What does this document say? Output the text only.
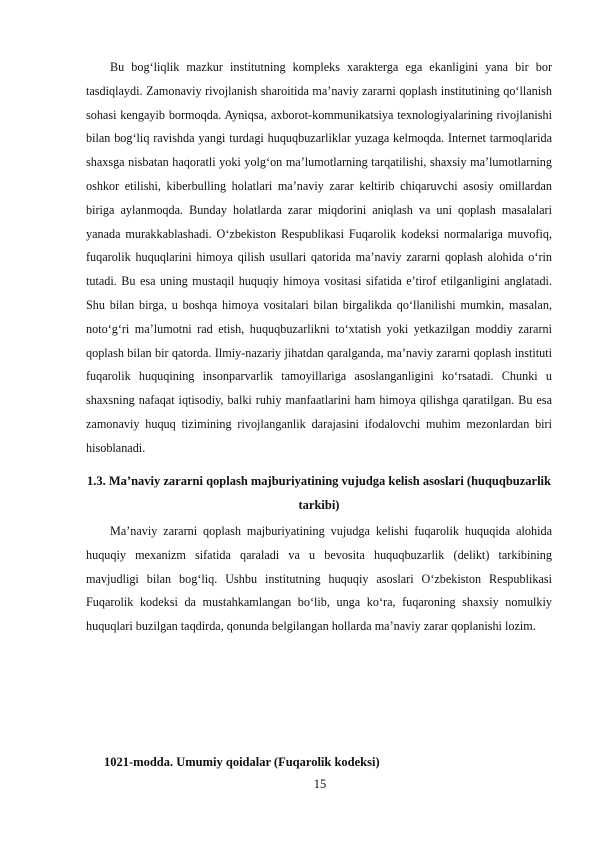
Bu bog‘liqlik mazkur institutning kompleks xarakterga ega ekanligini yana bir bor tasdiqlaydi. Zamonaviy rivojlanish sharoitida ma’naviy zararni qoplash institutining qo‘llanish sohasi kengayib bormoqda. Ayniqsa, axborot-kommunikatsiya texnologiyalarining rivojlanishi bilan bog‘liq ravishda yangi turdagi huquqbuzarliklar yuzaga kelmoqda. Internet tarmoqlarida shaxsga nisbatan haqoratli yoki yolg‘on ma’lumotlarning tarqatilishi, shaxsiy ma’lumotlarning oshkor etilishi, kiberbulling holatlari ma’naviy zarar keltirib chiqaruvchi asosiy omillardan biriga aylanmoqda. Bunday holatlarda zarar miqdorini aniqlash va uni qoplash masalalari yanada murakkablashadi. O‘zbekiston Respublikasi Fuqarolik kodeksi normalariga muvofiq, fuqarolik huquqlarini himoya qilish usullari qatorida ma’naviy zararni qoplash alohida o‘rin tutadi. Bu esa uning mustaqil huquqiy himoya vositasi sifatida e’tirof etilganligini anglatadi. Shu bilan birga, u boshqa himoya vositalari bilan birgalikda qo‘llanilishi mumkin, masalan, noto‘g‘ri ma’lumotni rad etish, huquqbuzarlikni to‘xtatish yoki yetkazilgan moddiy zararni qoplash bilan bir qatorda. Ilmiy-nazariy jihatdan qaralganda, ma’naviy zararni qoplash instituti fuqarolik huquqining insonparvarlik tamoyillariga asoslanganligini ko‘rsatadi. Chunki u shaxsning nafaqat iqtisodiy, balki ruhiy manfaatlarini ham himoya qilishga qaratilgan. Bu esa zamonaviy huquq tizimining rivojlanganlik darajasini ifodalovchi muhim mezonlardan biri hisoblanadi.

1.3. Ma’naviy zararni qoplash majburiyatining vujudga kelish asoslari (huquqbuzarlik tarkibi)

Ma’naviy zararni qoplash majburiyatining vujudga kelishi fuqarolik huquqida alohida huquqiy mexanizm sifatida qaraladi va u bevosita huquqbuzarlik (delikt) tarkibining mavjudligi bilan bog‘liq. Ushbu institutning huquqiy asoslari O‘zbekiston Respublikasi Fuqarolik kodeksi da mustahkamlangan bo‘lib, unga ko‘ra, fuqaroning shaxsiy nomulkiy huquqlari buzilgan taqdirda, qonunda belgilangan hollarda ma’naviy zarar qoplanishi lozim.

1021-modda. Umumiy qoidalar (Fuqarolik kodeksi)

15
